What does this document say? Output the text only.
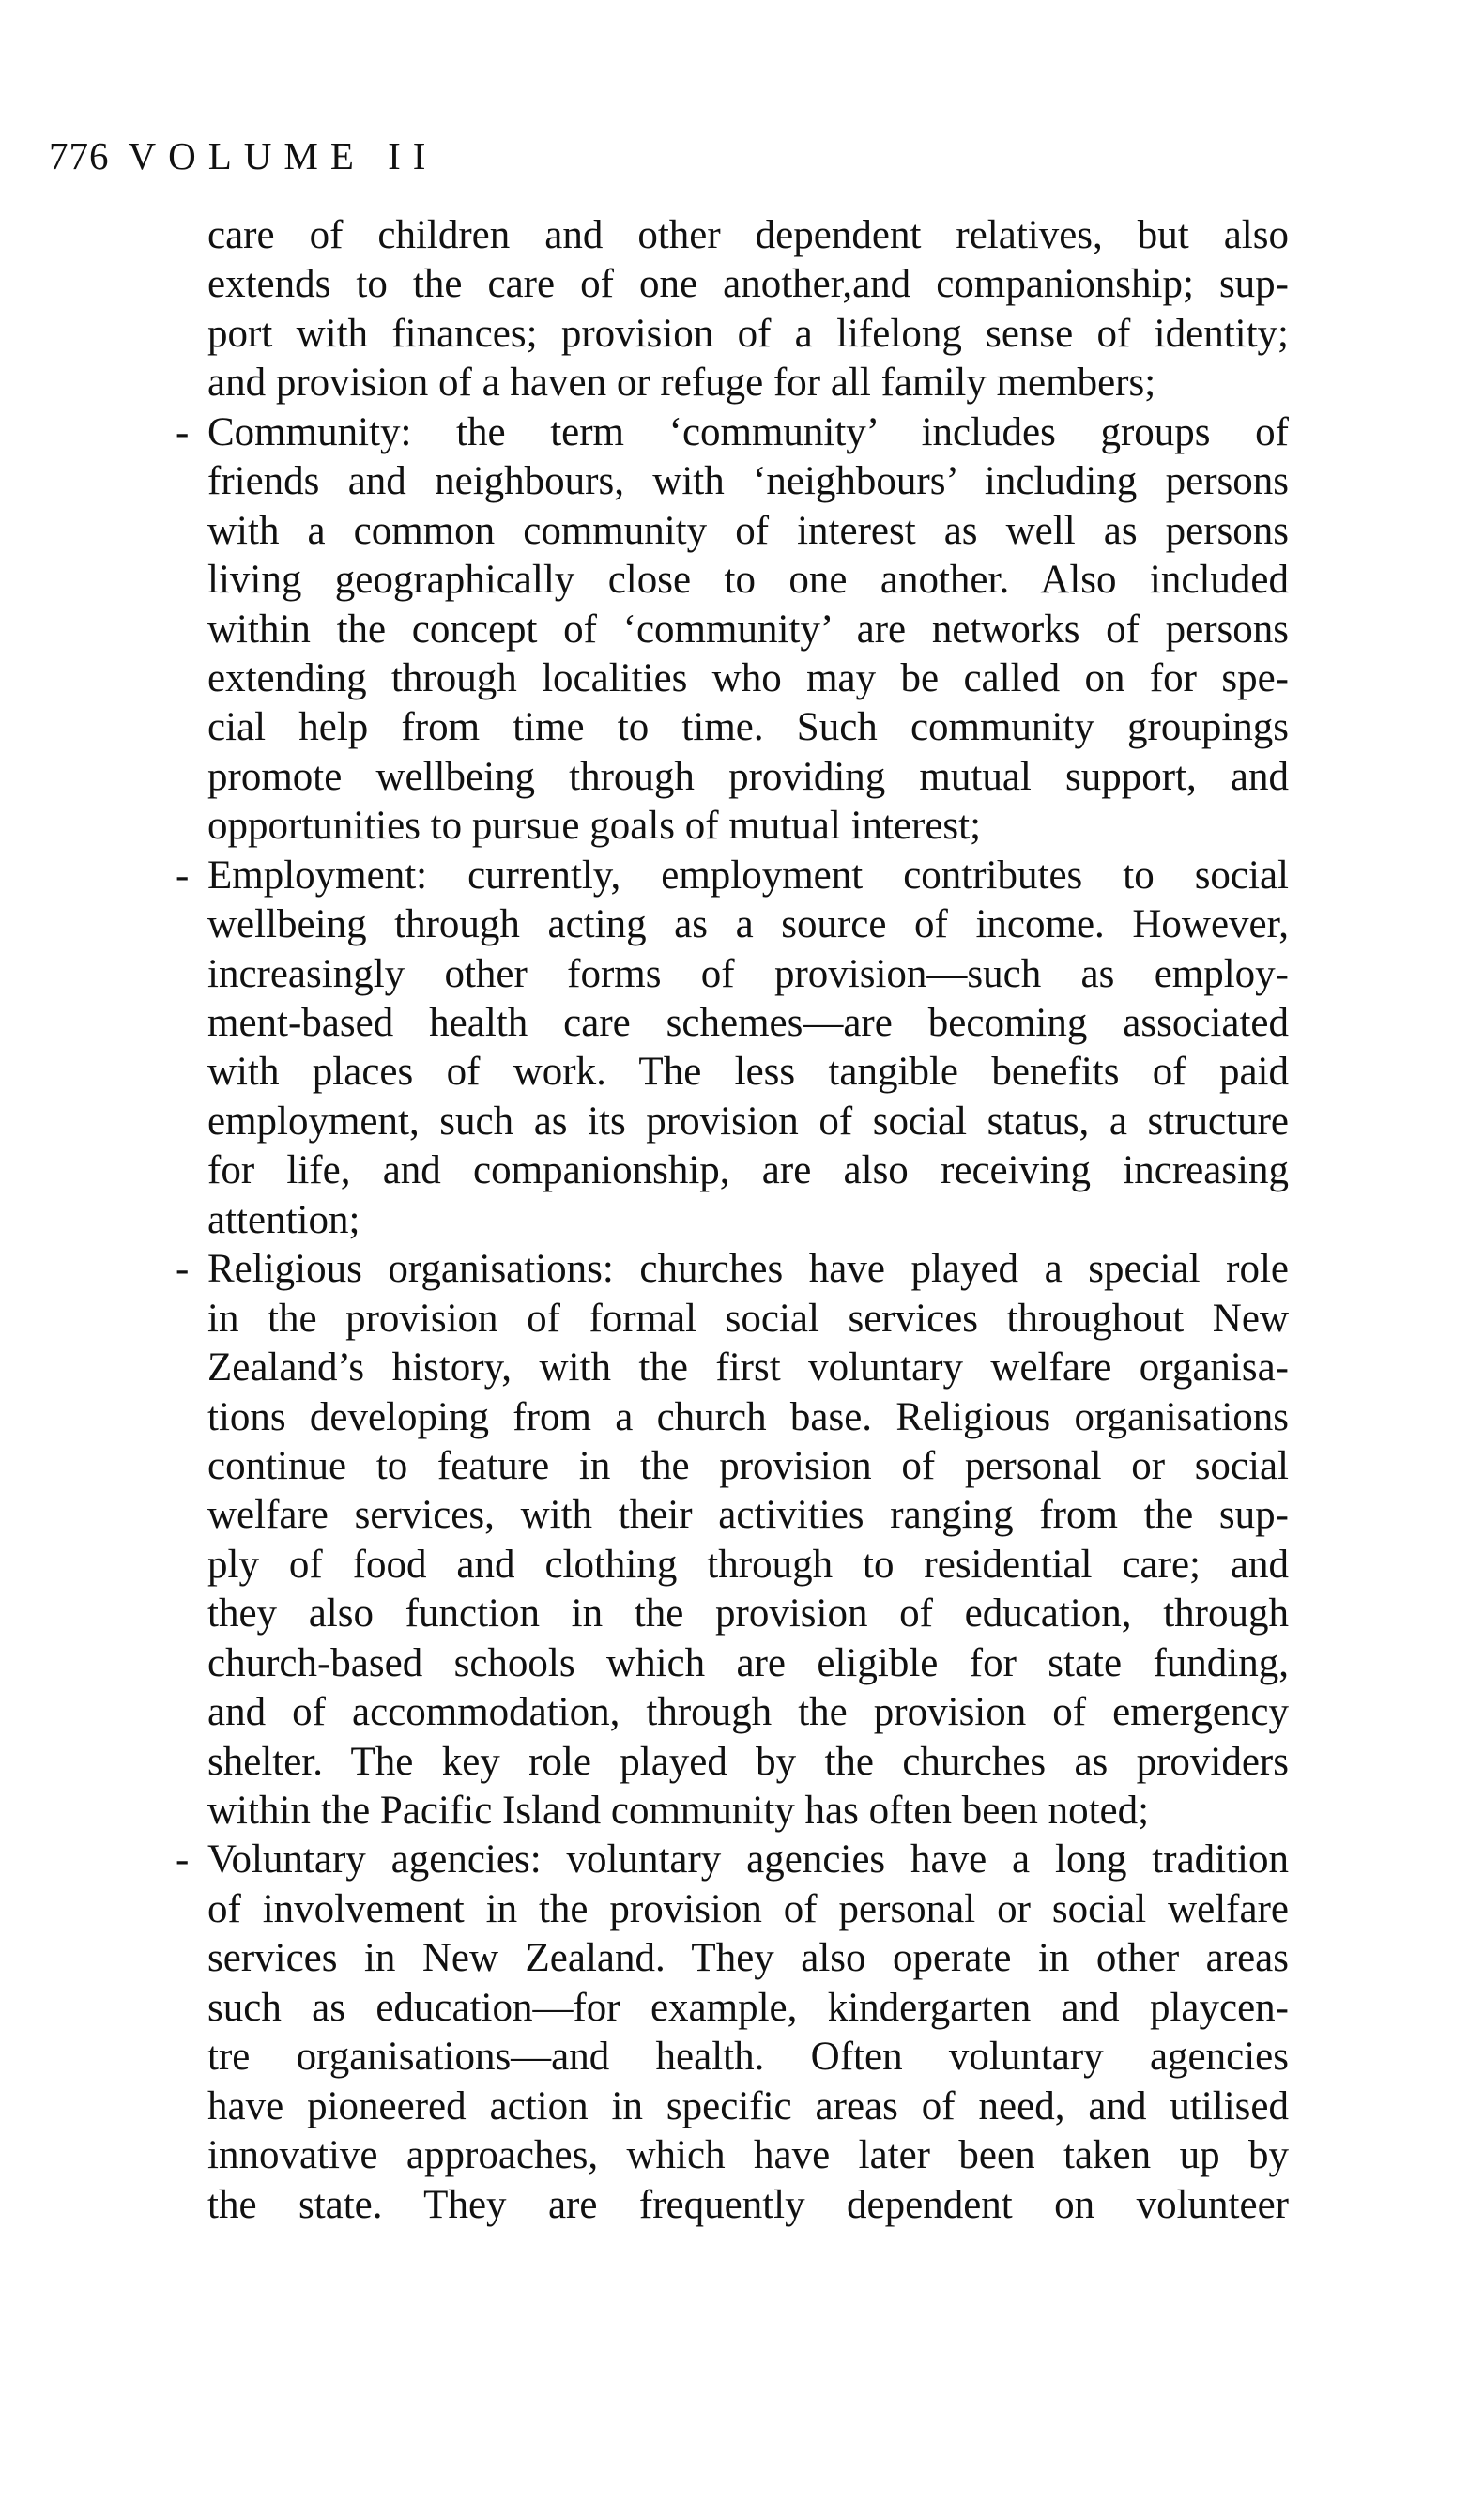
776 VOLUME II
care of children and other dependent relatives, but also
extends to the care of one another,and companionship; sup-
port with finances; provision of a lifelong sense of identity;
and provision of a haven or refuge for all family members;
- Community: the term ‘community’ includes groups of
friends and neighbours, with ‘neighbours’ including persons
with a common community of interest as well as persons
living geographically close to one another. Also included
within the concept of ‘community’ are networks of persons
extending through localities who may be called on for spe-
cial help from time to time. Such community groupings
promote wellbeing through providing mutual support, and
opportunities to pursue goals of mutual interest;
- Employment: currently, employment contributes to social
wellbeing through acting as a source of income. However,
increasingly other forms of provision—such as employ-
ment-based health care schemes—are becoming associated
with places of work. The less tangible benefits of paid
employment, such as its provision of social status, a structure
for life, and companionship, are also receiving increasing
attention;
- Religious organisations: churches have played a special role
in the provision of formal social services throughout New
Zealand’s history, with the first voluntary welfare organisa-
tions developing from a church base. Religious organisations
continue to feature in the provision of personal or social
welfare services, with their activities ranging from the sup-
ply of food and clothing through to residential care; and
they also function in the provision of education, through
church-based schools which are eligible for state funding,
and of accommodation, through the provision of emergency
shelter. The key role played by the churches as providers
within the Pacific Island community has often been noted;
- Voluntary agencies: voluntary agencies have a long tradition
of involvement in the provision of personal or social welfare
services in New Zealand. They also operate in other areas
such as education—for example, kindergarten and playcen-
tre organisations—and health. Often voluntary agencies
have pioneered action in specific areas of need, and utilised
innovative approaches, which have later been taken up by
the state. They are frequently dependent on volunteer
